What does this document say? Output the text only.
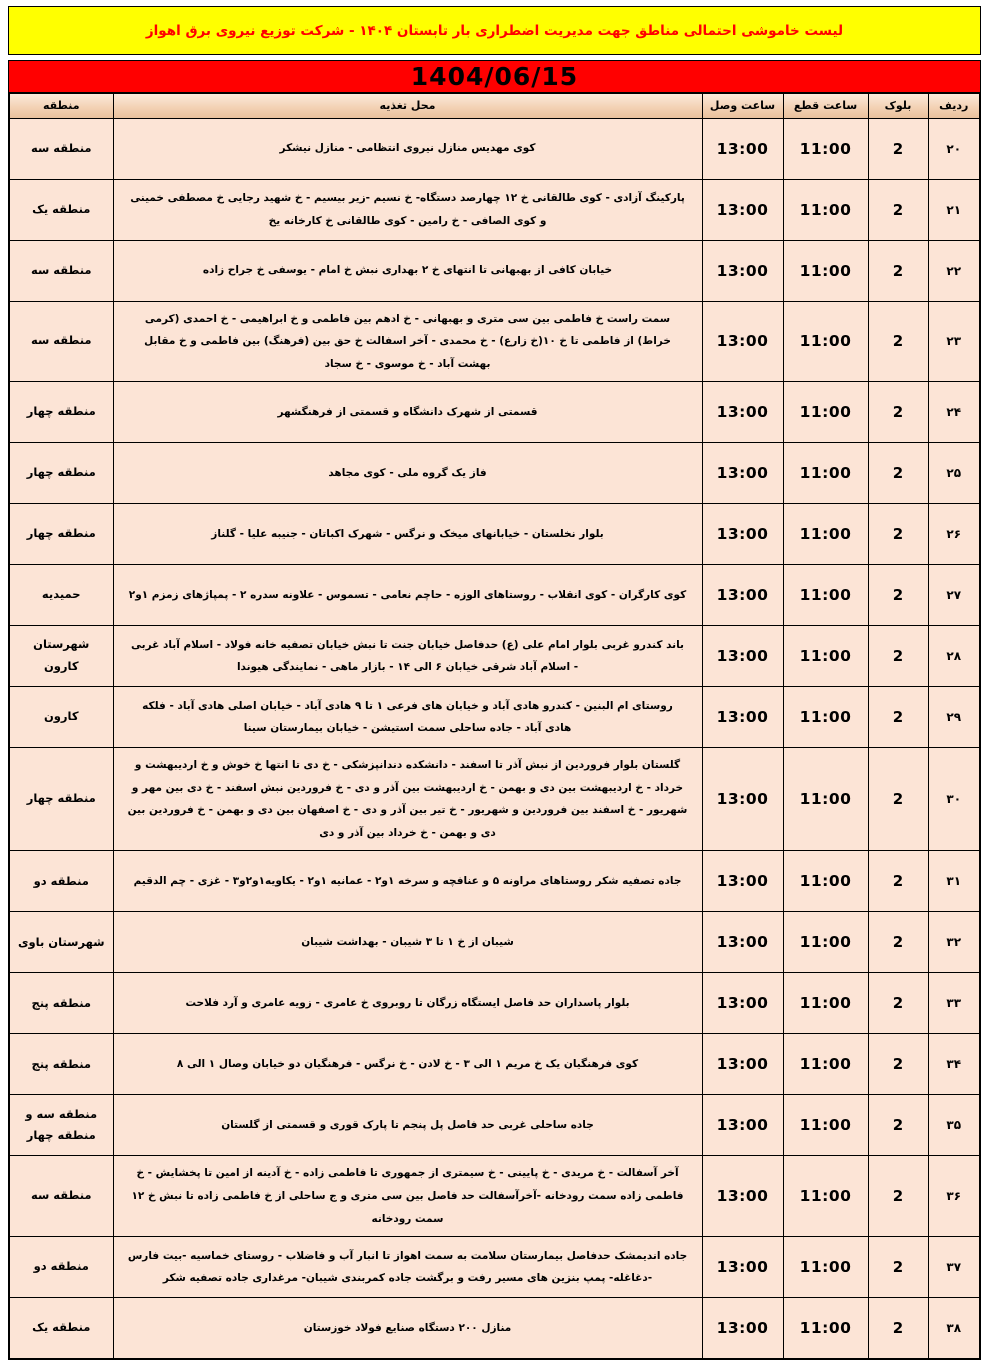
لیست خاموشی احتمالی مناطق جهت مدیریت اضطراری بار تابستان ۱۴۰۴ - شرکت توزیع نیروی برق اهواز
1404/06/15
ردیف	بلوک	ساعت قطع	ساعت وصل	محل تغذیه	منطقه
۲۰	2	11:00	13:00	کوی مهدیس منازل نیروی انتظامی - منازل نیشکر	منطقه سه
۲۱	2	11:00	13:00	پارکینگ آزادی - کوی طالقانی خ ۱۲ چهارصد دستگاه- خ نسیم -زیر بیسیم - خ شهید رجایی خ مصطفی خمینی و کوی الصافی - خ رامین - کوی طالقانی خ کارخانه یخ	منطقه یک
۲۲	2	11:00	13:00	خیابان کافی از بهبهانی تا انتهای خ ۲ بهداری نبش خ امام - یوسفی خ جراح زاده	منطقه سه
۲۳	2	11:00	13:00	سمت راست خ فاطمی بین سی متری و بهبهانی - خ ادهم بین فاطمی و خ ابراهیمی - خ احمدی (کرمی خراط) از فاطمی تا خ ۱۰(خ زارع) - خ محمدی - آخر اسفالت خ حق بین (فرهنگ) بین فاطمی و خ مقابل بهشت آباد - خ موسوی - خ سجاد	منطقه سه
۲۴	2	11:00	13:00	قسمتی از شهرک دانشگاه و قسمتی از فرهنگشهر	منطقه چهار
۲۵	2	11:00	13:00	فاز یک گروه ملی - کوی مجاهد	منطقه چهار
۲۶	2	11:00	13:00	بلوار نخلستان - خیابانهای میخک و نرگس - شهرک اکباتان - جنیبه علیا - گلناز	منطقه چهار
۲۷	2	11:00	13:00	کوی کارگران - کوی انقلاب - روستاهای الوزه - حاچم نعامی - تسموس - علاونه سدره ۲ - پمپاژهای زمزم ۱و۲	حمیدیه
۲۸	2	11:00	13:00	باند کندرو غربی بلوار امام علی (ع) حدفاصل خیابان جنت تا نبش خیابان تصفیه خانه فولاد - اسلام آباد غربی - اسلام آباد شرقی خیابان ۶ الی ۱۴ - بازار ماهی - نمایندگی هیوندا	شهرستان کارون
۲۹	2	11:00	13:00	روستای ام البنین - کندرو هادی آباد و خیابان های فرعی ۱ تا ۹ هادی آباد - خیابان اصلی هادی آباد - فلکه هادی آباد - جاده ساحلی سمت استیشن - خیابان بیمارستان سینا	کارون
۳۰	2	11:00	13:00	گلستان بلوار فروردین از نبش آذر تا اسفند - دانشکده دندانپزشکی - خ دی تا انتها خ خوش و خ اردیبهشت و خرداد - خ اردیبهشت بین دی و بهمن - خ اردیبهشت بین آذر و دی - خ فروردین نبش اسفند - خ دی بین مهر و شهریور - خ اسفند بین فروردین و شهریور - خ تیر بین آذر و دی - خ اصفهان بین دی و بهمن - خ فروردین بین دی و بهمن - خ خرداد بین آذر و دی	منطقه چهار
۳۱	2	11:00	13:00	جاده تصفیه شکر روستاهای مراونه ۵ و عنافچه و سرخه ۱و۲ - عمانیه ۱و۲ - یکاویه۱و۲و۳ - غزی - چم الدقیم	منطقه دو
۳۲	2	11:00	13:00	شیبان از خ ۱ تا ۳ شیبان - بهداشت شیبان	شهرستان باوی
۳۳	2	11:00	13:00	بلوار پاسداران حد فاصل ایستگاه زرگان تا روبروی خ عامری - زویه عامری و آرد فلاحت	منطقه پنج
۳۴	2	11:00	13:00	کوی فرهنگیان یک خ مریم ۱ الی ۳ - خ لادن - خ نرگس - فرهنگیان دو خیابان وصال ۱ الی ۸	منطقه پنج
۳۵	2	11:00	13:00	جاده ساحلی غربی حد فاصل پل پنجم تا پارک قوری و قسمتی از گلستان	منطقه سه و منطقه چهار
۳۶	2	11:00	13:00	آخر آسفالت - خ مریدی - خ پایینی - خ سیمتری از جمهوری تا فاطمی زاده - خ آدینه از امین تا پخشایش - خ فاطمی زاده سمت رودخانه -آخرآسفالت حد فاصل بین سی متری و ج ساحلی از خ فاطمی زاده تا نبش خ ۱۲ سمت رودخانه	منطقه سه
۳۷	2	11:00	13:00	جاده اندیمشک حدفاصل بیمارستان سلامت به سمت اهواز تا انبار آب و فاضلاب - روستای خماسیه -بیت فارس -دغاغله- پمپ بنزین های مسیر رفت و برگشت جاده کمربندی شیبان- مرغداری جاده تصفیه شکر	منطقه دو
۳۸	2	11:00	13:00	منازل ۲۰۰ دستگاه صنایع فولاد خوزستان	منطقه یک
